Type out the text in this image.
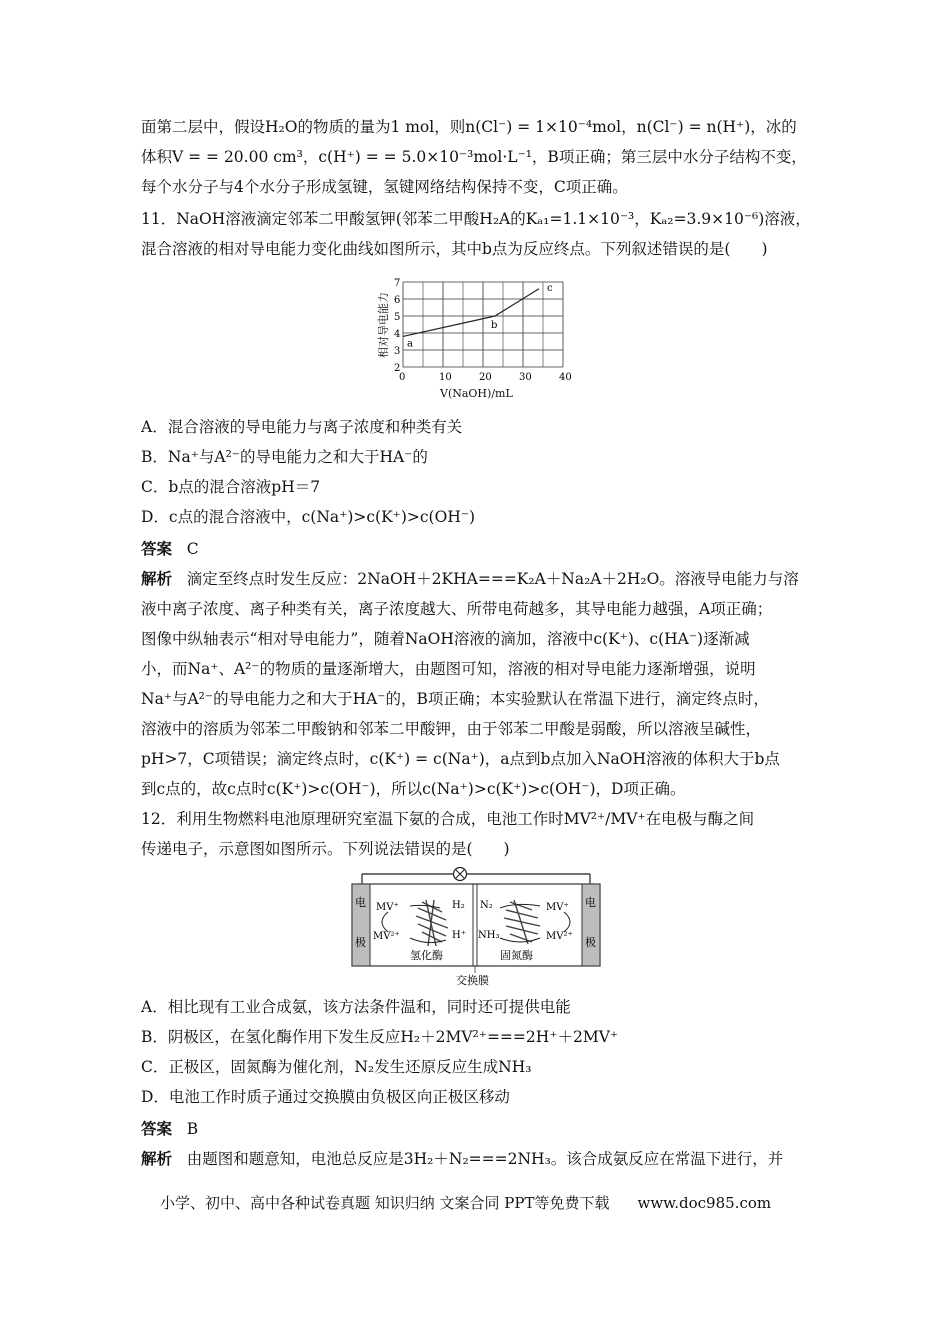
面第二层中，假设H₂O的物质的量为1 mol，则n(Cl⁻) = 1×10⁻⁴mol，n(Cl⁻) = n(H⁺)，冰的
体积V = = 20.00 cm³，c(H⁺) = = 5.0×10⁻³mol·L⁻¹，B项正确；第三层中水分子结构不变，
每个水分子与4个水分子形成氢键，氢键网络结构保持不变，C项正确。
11．NaOH溶液滴定邻苯二甲酸氢钾(邻苯二甲酸H₂A的Kₐ₁=1.1×10⁻³，Kₐ₂=3.9×10⁻⁶)溶液，
混合溶液的相对导电能力变化曲线如图所示，其中b点为反应终点。下列叙述错误的是(　　)
0	10	20	30	40
2
3
4
5
6
7
a
b
c
相对导电能力
V(NaOH)/mL
A．混合溶液的导电能力与离子浓度和种类有关
B．Na⁺与A²⁻的导电能力之和大于HA⁻的
C．b点的混合溶液pH＝7
D．c点的混合溶液中，c(Na⁺)>c(K⁺)>c(OH⁻)
答案 C
解析 滴定至终点时发生反应：2NaOH＋2KHA===K₂A＋Na₂A＋2H₂O。溶液导电能力与溶
液中离子浓度、离子种类有关，离子浓度越大、所带电荷越多，其导电能力越强，A项正确；
图像中纵轴表示“相对导电能力”，随着NaOH溶液的滴加，溶液中c(K⁺)、c(HA⁻)逐渐减
小，而Na⁺、A²⁻的物质的量逐渐增大，由题图可知，溶液的相对导电能力逐渐增强，说明
Na⁺与A²⁻的导电能力之和大于HA⁻的，B项正确；本实验默认在常温下进行，滴定终点时，
溶液中的溶质为邻苯二甲酸钠和邻苯二甲酸钾，由于邻苯二甲酸是弱酸，所以溶液呈碱性，
pH>7，C项错误；滴定终点时，c(K⁺) = c(Na⁺)，a点到b点加入NaOH溶液的体积大于b点
到c点的，故c点时c(K⁺)>c(OH⁻)，所以c(Na⁺)>c(K⁺)>c(OH⁻)，D项正确。
12．利用生物燃料电池原理研究室温下氨的合成，电池工作时MV²⁺/MV⁺在电极与酶之间
传递电子，示意图如图所示。下列说法错误的是(　　)
电
极
电
极
MV⁺
MV²⁺
H₂
H⁺
N₂
NH₃
MV⁺
MV²⁺
氢化酶	固氮酶
交换膜
A．相比现有工业合成氨，该方法条件温和，同时还可提供电能
B．阴极区，在氢化酶作用下发生反应H₂＋2MV²⁺===2H⁺＋2MV⁺
C．正极区，固氮酶为催化剂，N₂发生还原反应生成NH₃
D．电池工作时质子通过交换膜由负极区向正极区移动
答案 B
解析 由题图和题意知，电池总反应是3H₂＋N₂===2NH₃。该合成氨反应在常温下进行，并
小学、初中、高中各种试卷真题 知识归纳 文案合同 PPT等免费下载 www.doc985.com
